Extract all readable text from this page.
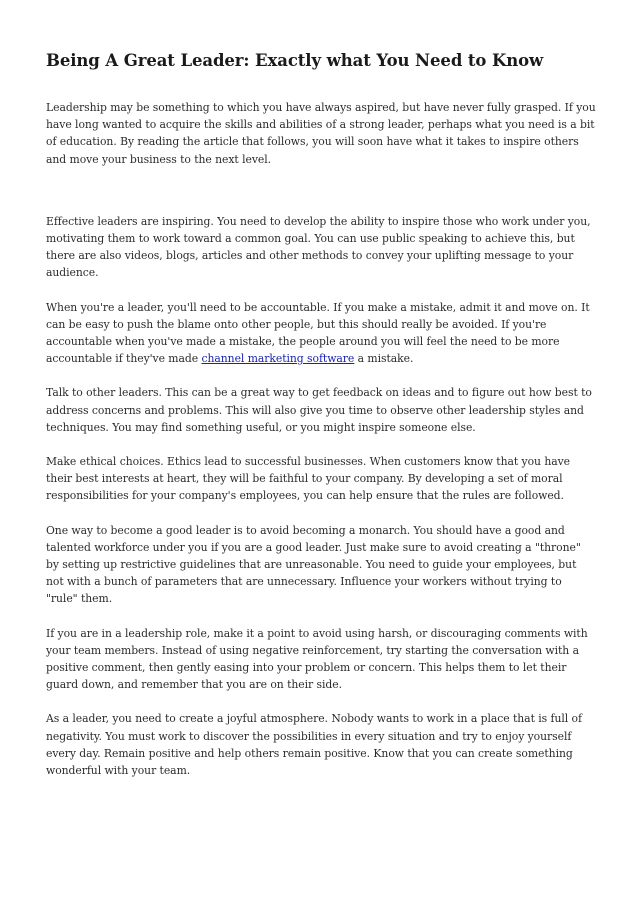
Being A Great Leader: Exactly what You Need to Know

Leadership may be something to which you have always aspired, but have never fully grasped. If you have long wanted to acquire the skills and abilities of a strong leader, perhaps what you need is a bit of education. By reading the article that follows, you will soon have what it takes to inspire others and move your business to the next level.

Effective leaders are inspiring. You need to develop the ability to inspire those who work under you, motivating them to work toward a common goal. You can use public speaking to achieve this, but there are also videos, blogs, articles and other methods to convey your uplifting message to your audience.

When you're a leader, you'll need to be accountable. If you make a mistake, admit it and move on. It can be easy to push the blame onto other people, but this should really be avoided. If you're accountable when you've made a mistake, the people around you will feel the need to be more accountable if they've made channel marketing software a mistake.

Talk to other leaders. This can be a great way to get feedback on ideas and to figure out how best to address concerns and problems. This will also give you time to observe other leadership styles and techniques. You may find something useful, or you might inspire someone else.

Make ethical choices. Ethics lead to successful businesses. When customers know that you have their best interests at heart, they will be faithful to your company. By developing a set of moral responsibilities for your company's employees, you can help ensure that the rules are followed.

One way to become a good leader is to avoid becoming a monarch. You should have a good and talented workforce under you if you are a good leader. Just make sure to avoid creating a "throne" by setting up restrictive guidelines that are unreasonable. You need to guide your employees, but not with a bunch of parameters that are unnecessary. Influence your workers without trying to "rule" them.

If you are in a leadership role, make it a point to avoid using harsh, or discouraging comments with your team members. Instead of using negative reinforcement, try starting the conversation with a positive comment, then gently easing into your problem or concern. This helps them to let their guard down, and remember that you are on their side.

As a leader, you need to create a joyful atmosphere. Nobody wants to work in a place that is full of negativity. You must work to discover the possibilities in every situation and try to enjoy yourself every day. Remain positive and help others remain positive. Know that you can create something wonderful with your team.
